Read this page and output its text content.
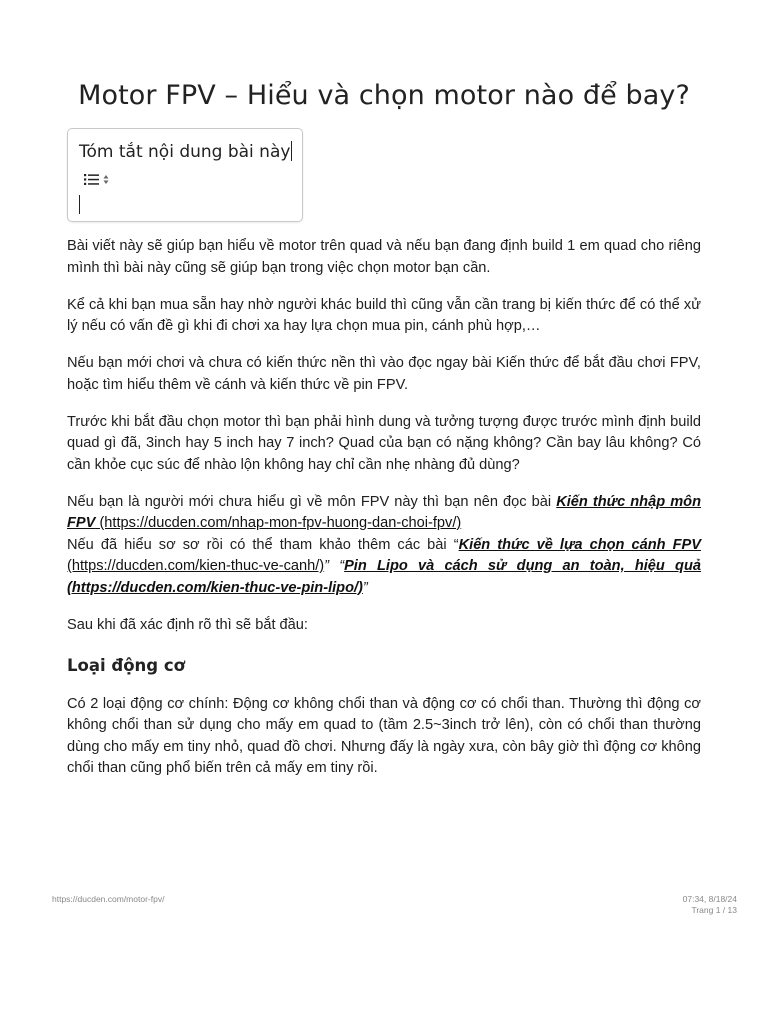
Motor FPV – Hiểu và chọn motor nào để bay?
Tóm tắt nội dung bài này

Bài viết này sẽ giúp bạn hiểu về motor trên quad và nếu bạn đang định build 1 em quad cho riêng mình thì bài này cũng sẽ giúp bạn trong việc chọn motor bạn cần.

Kể cả khi bạn mua sẵn hay nhờ người khác build thì cũng vẫn cần trang bị kiến thức để có thể xử lý nếu có vấn đề gì khi đi chơi xa hay lựa chọn mua pin, cánh phù hợp,…

Nếu bạn mới chơi và chưa có kiến thức nền thì vào đọc ngay bài Kiến thức để bắt đầu chơi FPV, hoặc tìm hiểu thêm về cánh và kiến thức về pin FPV.

Trước khi bắt đầu chọn motor thì bạn phải hình dung và tưởng tượng được trước mình định build quad gì đã, 3inch hay 5 inch hay 7 inch? Quad của bạn có nặng không? Cần bay lâu không? Có cần khỏe cục súc để nhào lộn không hay chỉ cần nhẹ nhàng đủ dùng?

Nếu bạn là người mới chưa hiểu gì về môn FPV này thì bạn nên đọc bài Kiến thức nhập môn FPV (https://ducden.com/nhap-mon-fpv-huong-dan-choi-fpv/)
Nếu đã hiểu sơ sơ rồi có thể tham khảo thêm các bài “Kiến thức về lựa chọn cánh FPV (https://ducden.com/kien-thuc-ve-canh/)” “Pin Lipo và cách sử dụng an toàn, hiệu quả (https://ducden.com/kien-thuc-ve-pin-lipo/)”

Sau khi đã xác định rõ thì sẽ bắt đầu:

Loại động cơ

Có 2 loại động cơ chính: Động cơ không chổi than và động cơ có chổi than. Thường thì động cơ không chổi than sử dụng cho mấy em quad to (tầm 2.5~3inch trở lên), còn có chổi than thường dùng cho mấy em tiny nhỏ, quad đồ chơi. Nhưng đấy là ngày xưa, còn bây giờ thì động cơ không chổi than cũng phổ biến trên cả mấy em tiny rồi.

https://ducden.com/motor-fpv/	07:34, 8/18/24
Trang 1 / 13
